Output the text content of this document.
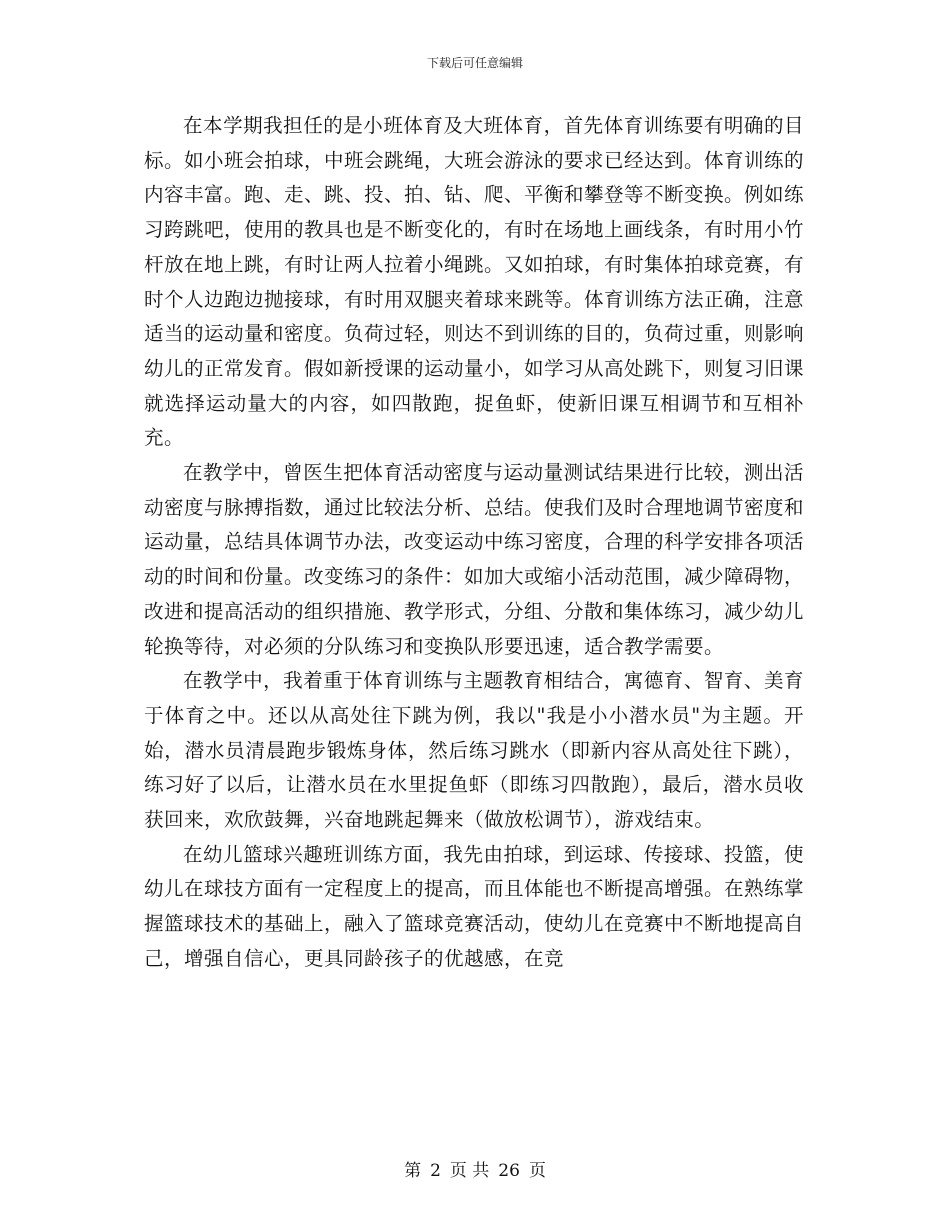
下载后可任意编辑

在本学期我担任的是小班体育及大班体育，首先体育训练要有明确的目标。如小班会拍球，中班会跳绳，大班会游泳的要求已经达到。体育训练的内容丰富。跑、走、跳、投、拍、钻、爬、平衡和攀登等不断变换。例如练习跨跳吧，使用的教具也是不断变化的，有时在场地上画线条，有时用小竹杆放在地上跳，有时让两人拉着小绳跳。又如拍球，有时集体拍球竞赛，有时个人边跑边抛接球，有时用双腿夹着球来跳等。体育训练方法正确，注意适当的运动量和密度。负荷过轻，则达不到训练的目的，负荷过重，则影响幼儿的正常发育。假如新授课的运动量小，如学习从高处跳下，则复习旧课就选择运动量大的内容，如四散跑，捉鱼虾，使新旧课互相调节和互相补充。

在教学中，曾医生把体育活动密度与运动量测试结果进行比较，测出活动密度与脉搏指数，通过比较法分析、总结。使我们及时合理地调节密度和运动量，总结具体调节办法，改变运动中练习密度，合理的科学安排各项活动的时间和份量。改变练习的条件：如加大或缩小活动范围，减少障碍物，改进和提高活动的组织措施、教学形式，分组、分散和集体练习，减少幼儿轮换等待，对必须的分队练习和变换队形要迅速，适合教学需要。

在教学中，我着重于体育训练与主题教育相结合，寓德育、智育、美育于体育之中。还以从高处往下跳为例，我以"我是小小潜水员"为主题。开始，潜水员清晨跑步锻炼身体，然后练习跳水（即新内容从高处往下跳），练习好了以后，让潜水员在水里捉鱼虾（即练习四散跑），最后，潜水员收获回来，欢欣鼓舞，兴奋地跳起舞来（做放松调节），游戏结束。

在幼儿篮球兴趣班训练方面，我先由拍球，到运球、传接球、投篮，使幼儿在球技方面有一定程度上的提高，而且体能也不断提高增强。在熟练掌握篮球技术的基础上，融入了篮球竞赛活动，使幼儿在竞赛中不断地提高自己，增强自信心，更具同龄孩子的优越感，在竞

第 2 页 共 26 页
